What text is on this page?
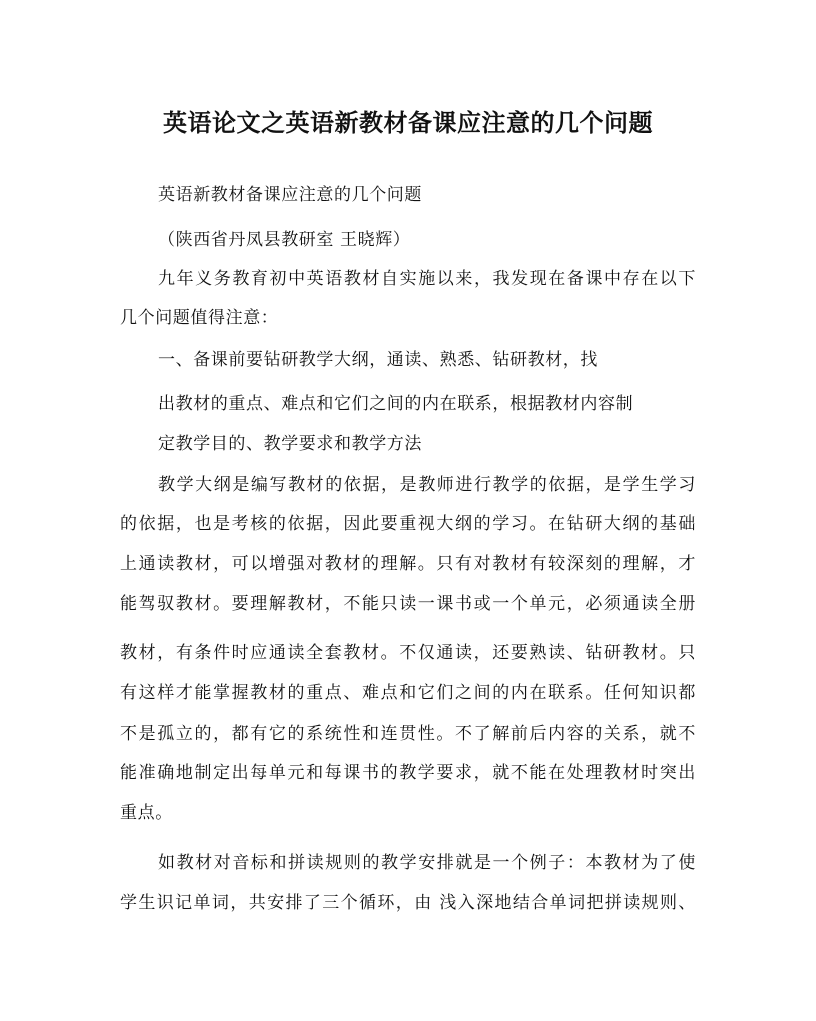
英语论文之英语新教材备课应注意的几个问题
英语新教材备课应注意的几个问题
（陕西省丹凤县教研室 王晓辉）
九年义务教育初中英语教材自实施以来，我发现在备课中存在以下
几个问题值得注意：
一、备课前要钻研教学大纲，通读、熟悉、钻研教材，找
出教材的重点、难点和它们之间的内在联系，根据教材内容制
定教学目的、教学要求和教学方法
教学大纲是编写教材的依据，是教师进行教学的依据，是学生学习
的依据，也是考核的依据，因此要重视大纲的学习。在钻研大纲的基础
上通读教材，可以增强对教材的理解。只有对教材有较深刻的理解，才
能驾驭教材。要理解教材，不能只读一课书或一个单元，必须通读全册
教材，有条件时应通读全套教材。不仅通读，还要熟读、钻研教材。只
有这样才能掌握教材的重点、难点和它们之间的内在联系。任何知识都
不是孤立的，都有它的系统性和连贯性。不了解前后内容的关系，就不
能准确地制定出每单元和每课书的教学要求，就不能在处理教材时突出
重点。
如教材对音标和拼读规则的教学安排就是一个例子：本教材为了使
学生识记单词，共安排了三个循环，由 浅入深地结合单词把拼读规则、
